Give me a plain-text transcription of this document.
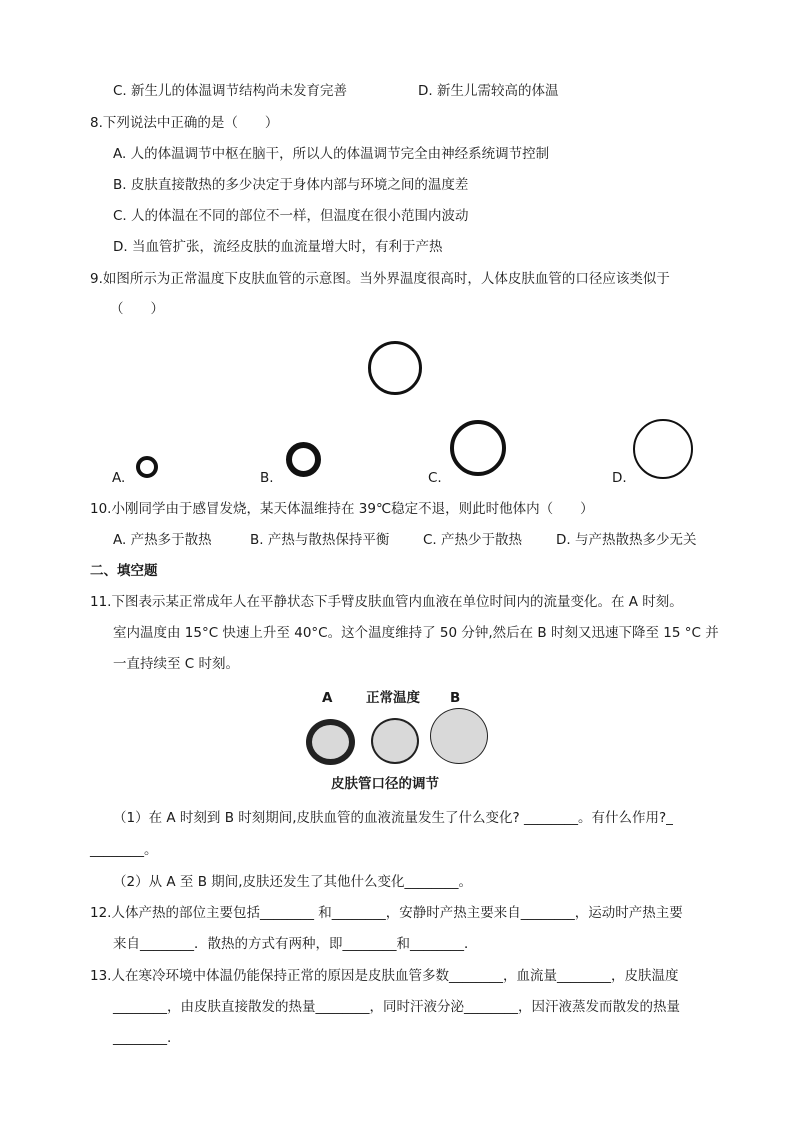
C. 新生儿的体温调节结构尚未发育完善	D. 新生儿需较高的体温
8.下列说法中正确的是（　　）
A. 人的体温调节中枢在脑干，所以人的体温调节完全由神经系统调节控制
B. 皮肤直接散热的多少决定于身体内部与环境之间的温度差
C. 人的体温在不同的部位不一样，但温度在很小范围内波动
D. 当血管扩张，流经皮肤的血流量增大时，有利于产热
9.如图所示为正常温度下皮肤血管的示意图。当外界温度很高时，人体皮肤血管的口径应该类似于
（　　）
A.	B.	C.	D.
10.小刚同学由于感冒发烧，某天体温维持在 39℃稳定不退，则此时他体内（　　）
A. 产热多于散热	B. 产热与散热保持平衡 C. 产热少于散热	D. 与产热散热多少无关
二、填空题
11.下图表示某正常成年人在平静状态下手臂皮肤血管内血液在单位时间内的流量变化。在 A 时刻。
室内温度由 15°C 快速上升至 40°C。这个温度维持了 50 分钟,然后在 B 时刻又迅速下降至 15 °C 并
一直持续至 C 时刻。
A 正常温度 B
皮肤管口径的调节
（1）在 A 时刻到 B 时刻期间,皮肤血管的血液流量发生了什么变化? ________。有什么作用?_
________。
（2）从 A 至 B 期间,皮肤还发生了其他什么变化________。
12.人体产热的部位主要包括________ 和________，安静时产热主要来自________，运动时产热主要
来自________．散热的方式有两种，即________和________．
13.人在寒冷环境中体温仍能保持正常的原因是皮肤血管多数________，血流量________，皮肤温度
________，由皮肤直接散发的热量________，同时汗液分泌________，因汗液蒸发而散发的热量
________.
